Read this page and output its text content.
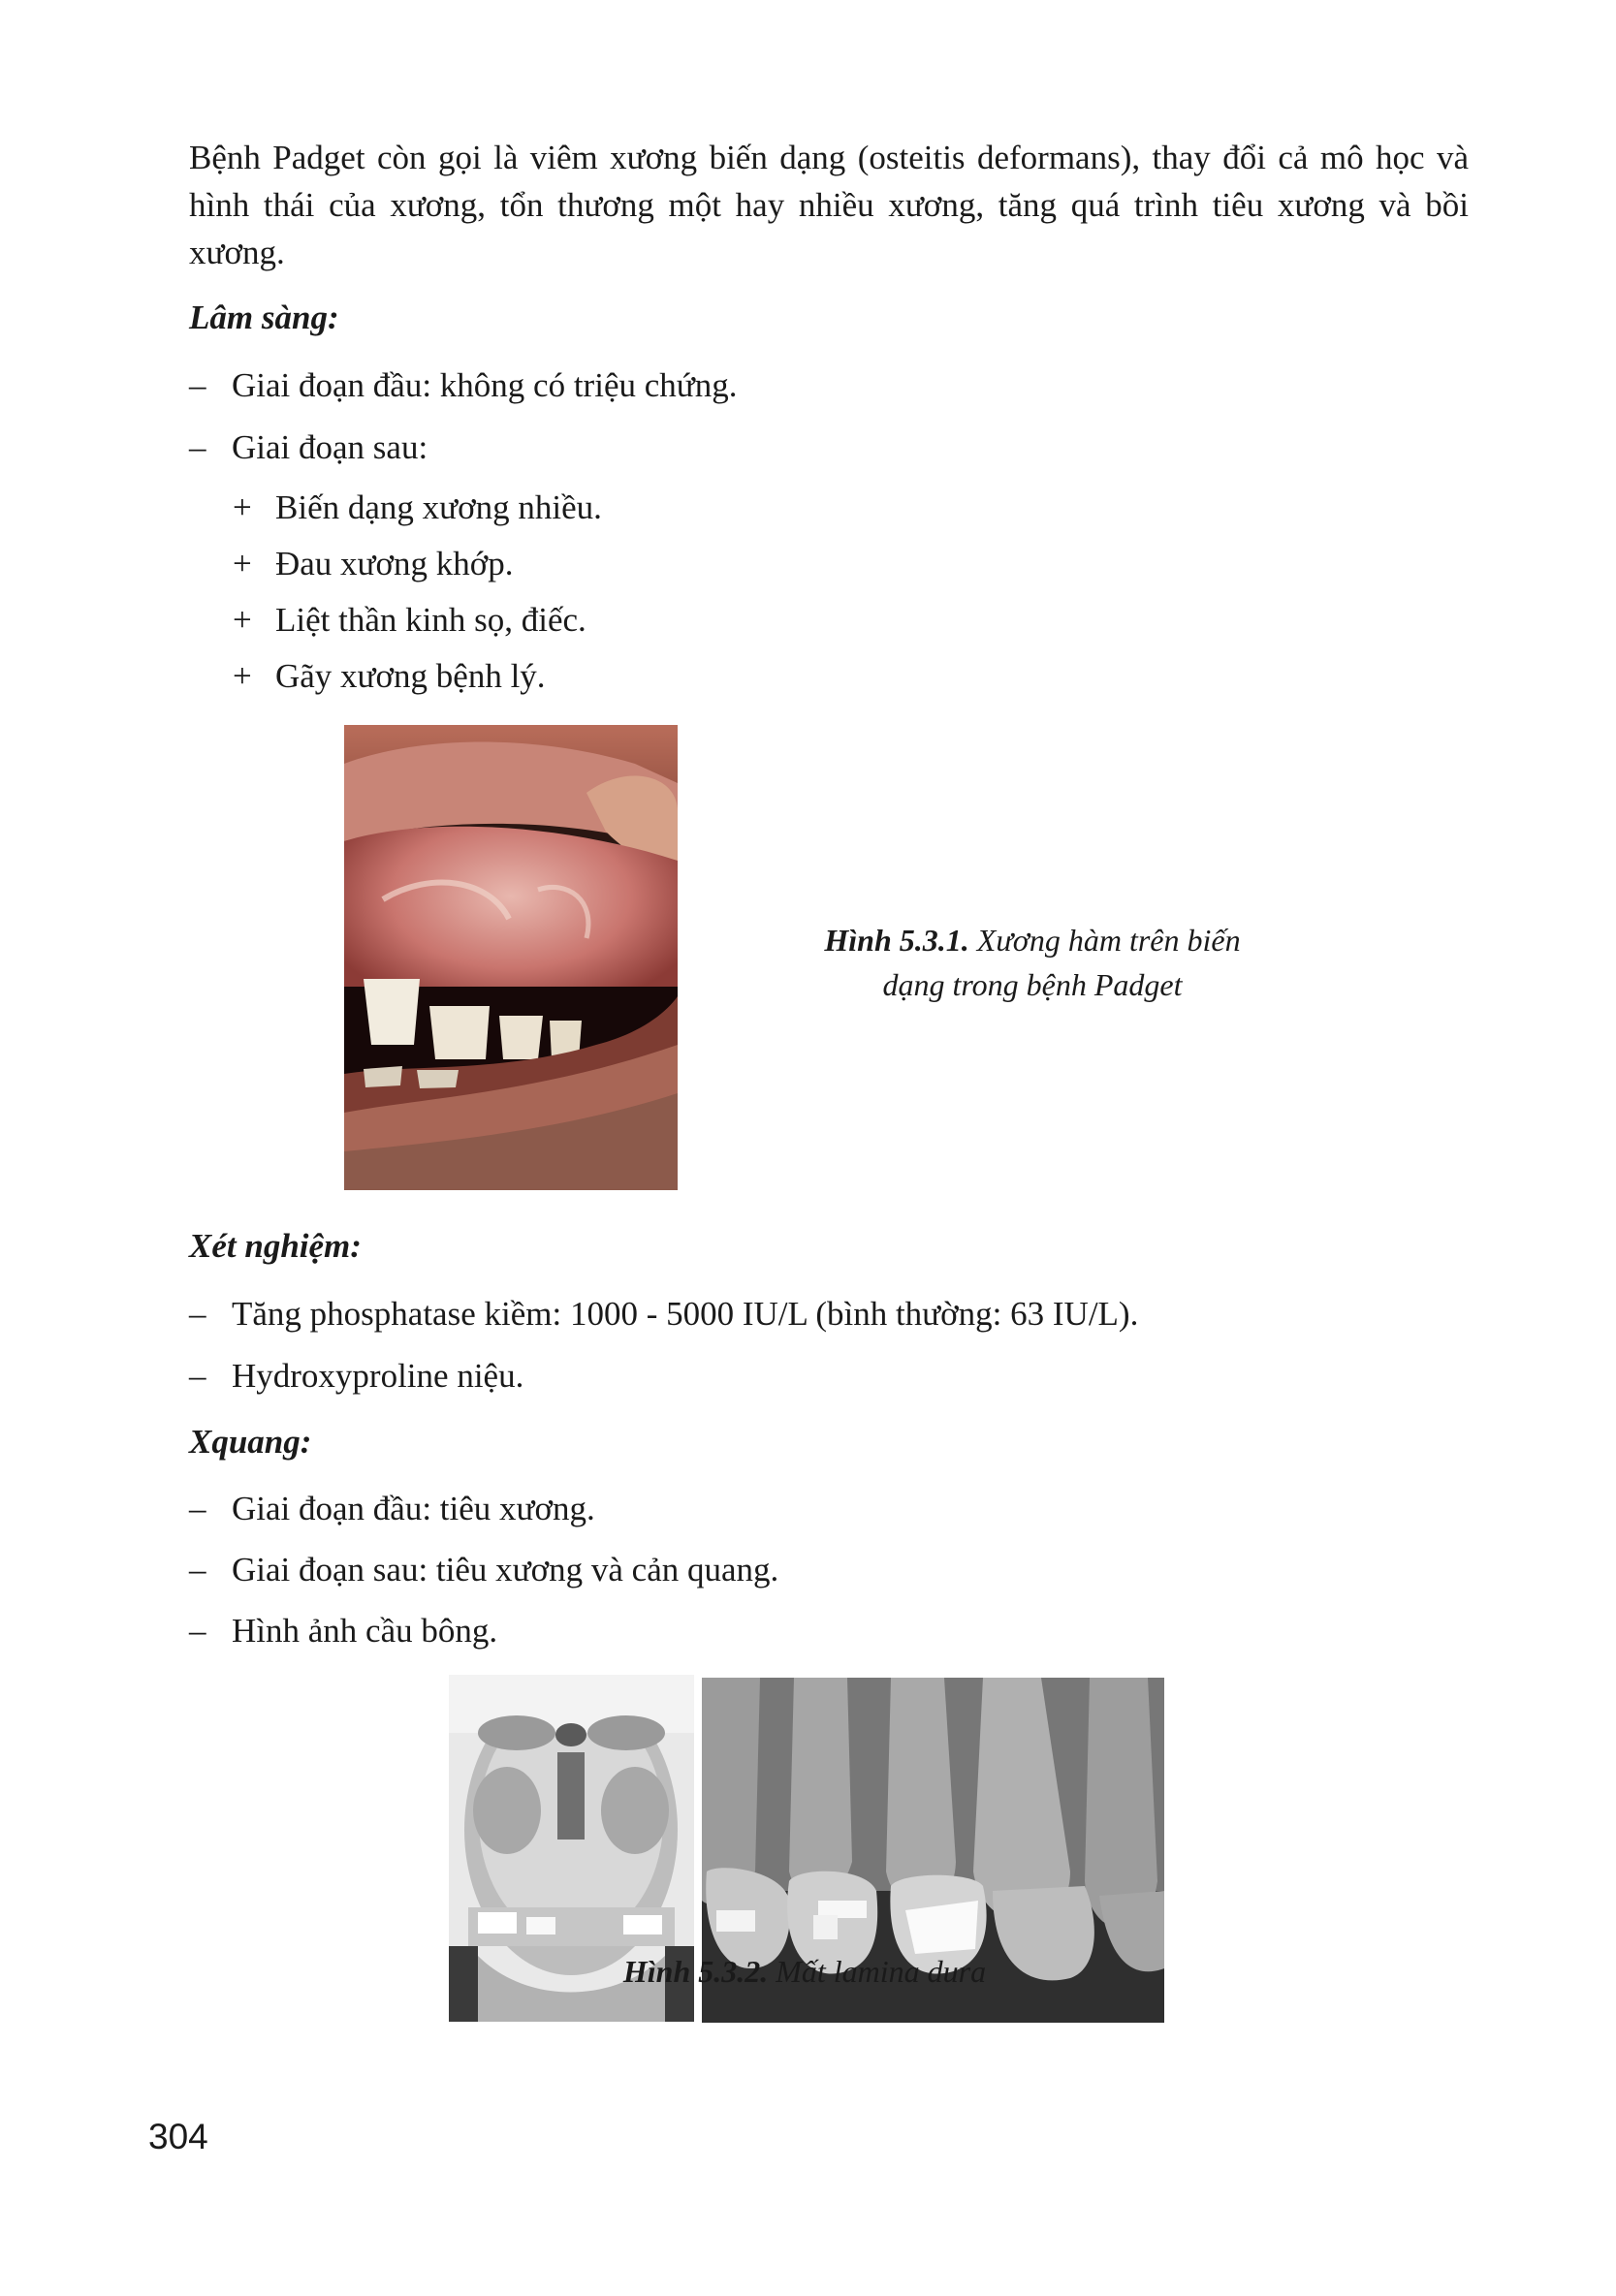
Bệnh Padget còn gọi là viêm xương biến dạng (osteitis deformans), thay đổi cả mô học và hình thái của xương, tổn thương một hay nhiều xương, tăng quá trình tiêu xương và bồi xương.

Lâm sàng:
– Giai đoạn đầu: không có triệu chứng.
– Giai đoạn sau:
+ Biến dạng xương nhiều.
+ Đau xương khớp.
+ Liệt thần kinh sọ, điếc.
+ Gãy xương bệnh lý.
Hình 5.3.1. Xương hàm trên biến
dạng trong bệnh Padget
Xét nghiệm:
– Tăng phosphatase kiềm: 1000 - 5000 IU/L (bình thường: 63 IU/L).
– Hydroxyproline niệu.
Xquang:
– Giai đoạn đầu: tiêu xương.
– Giai đoạn sau: tiêu xương và cản quang.
– Hình ảnh cầu bông.
Hình 5.3.2. Mất lamina dura
304
